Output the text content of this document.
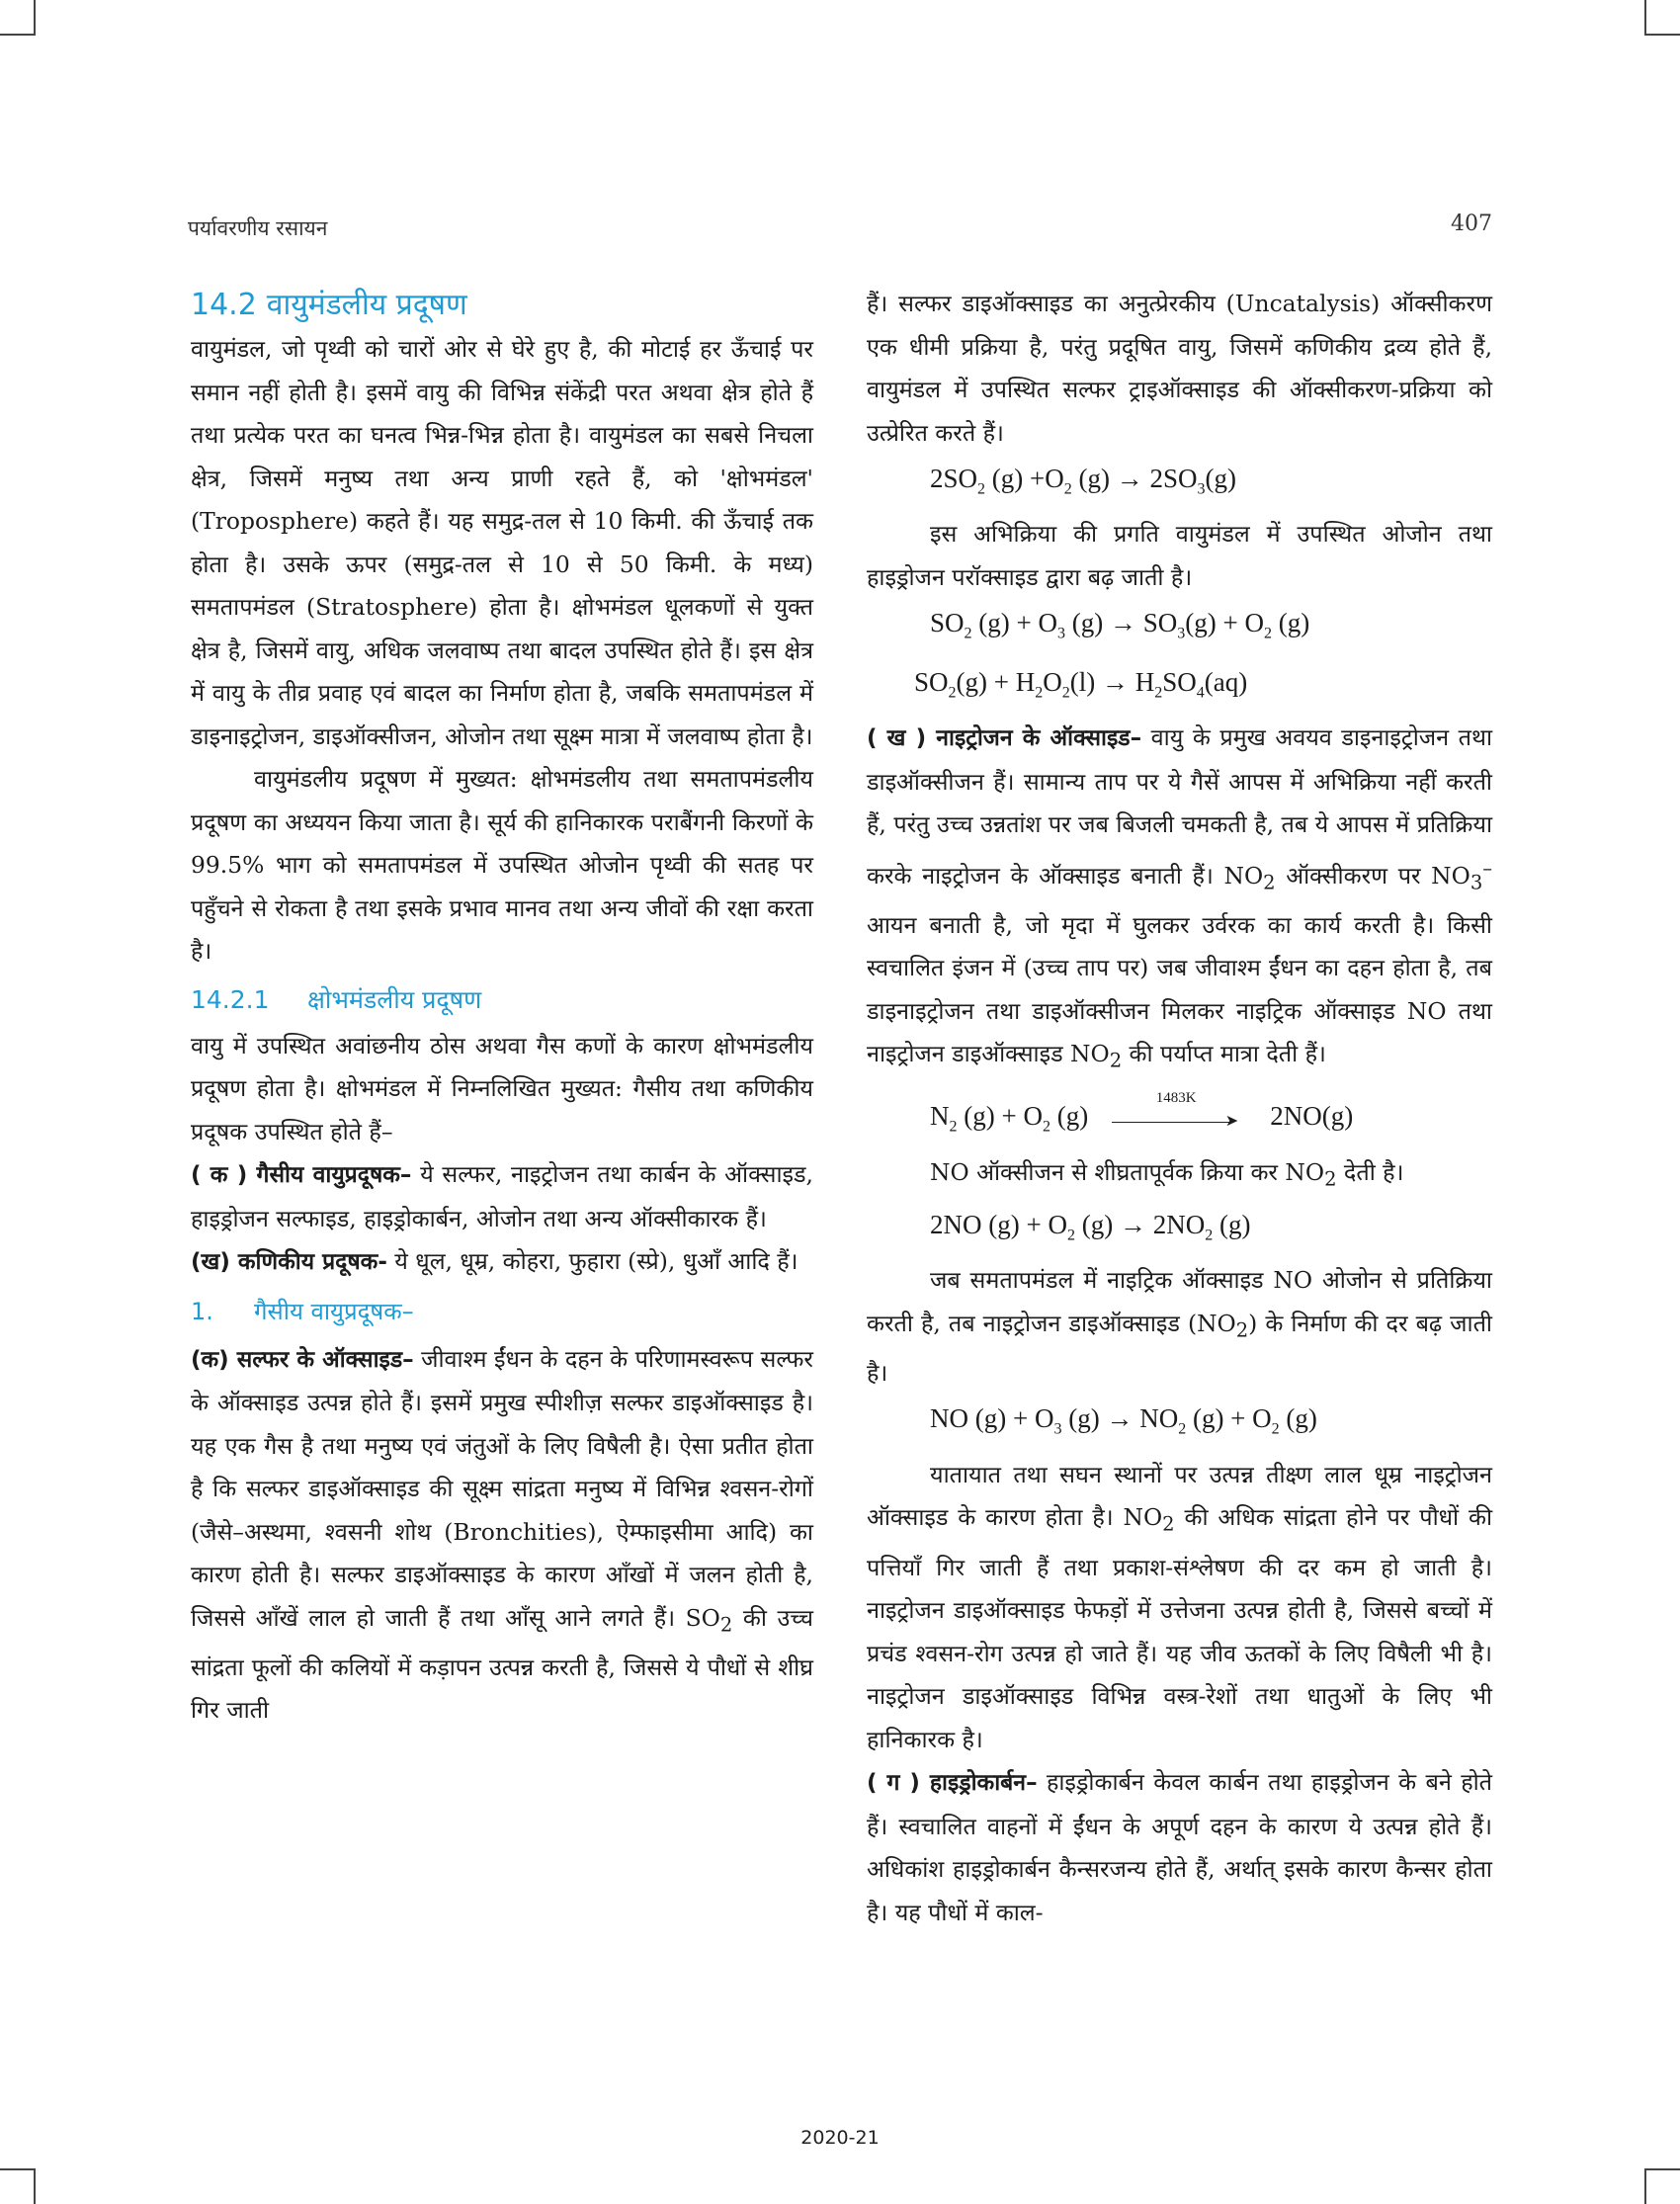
पर्यावरणीय रसायन	407
14.2 वायुमंडलीय प्रदूषण

वायुमंडल, जो पृथ्वी को चारों ओर से घेरे हुए है, की मोटाई हर ऊँचाई पर समान नहीं होती है। इसमें वायु की विभिन्न संकेंद्री परत अथवा क्षेत्र होते हैं तथा प्रत्येक परत का घनत्व भिन्न-भिन्न होता है। वायुमंडल का सबसे निचला क्षेत्र, जिसमें मनुष्य तथा अन्य प्राणी रहते हैं, को 'क्षोभमंडल' (Troposphere) कहते हैं। यह समुद्र-तल से 10 किमी. की ऊँचाई तक होता है। उसके ऊपर (समुद्र-तल से 10 से 50 किमी. के मध्य) समतापमंडल (Stratosphere) होता है। क्षोभमंडल धूलकणों से युक्त क्षेत्र है, जिसमें वायु, अधिक जलवाष्प तथा बादल उपस्थित होते हैं। इस क्षेत्र में वायु के तीव्र प्रवाह एवं बादल का निर्माण होता है, जबकि समतापमंडल में डाइनाइट्रोजन, डाइऑक्सीजन, ओजोन तथा सूक्ष्म मात्रा में जलवाष्प होता है।

वायुमंडलीय प्रदूषण में मुख्यत: क्षोभमंडलीय तथा समतापमंडलीय प्रदूषण का अध्ययन किया जाता है। सूर्य की हानिकारक पराबैंगनी किरणों के 99.5% भाग को समतापमंडल में उपस्थित ओजोन पृथ्वी की सतह पर पहुँचने से रोकता है तथा इसके प्रभाव मानव तथा अन्य जीवों की रक्षा करता है।

14.2.1 क्षोभमंडलीय प्रदूषण

वायु में उपस्थित अवांछनीय ठोस अथवा गैस कणों के कारण क्षोभमंडलीय प्रदूषण होता है। क्षोभमंडल में निम्नलिखित मुख्यत: गैसीय तथा कणिकीय प्रदूषक उपस्थित होते हैं–

( क ) गैसीय वायुप्रदूषक– ये सल्फर, नाइट्रोजन तथा कार्बन के ऑक्साइड, हाइड्रोजन सल्फाइड, हाइड्रोकार्बन, ओजोन तथा अन्य ऑक्सीकारक हैं।

(ख) कणिकीय प्रदूषक- ये धूल, धूम्र, कोहरा, फुहारा (स्प्रे), धुआँ आदि हैं।

1. गैसीय वायुप्रदूषक–

(क) सल्फर के ऑक्साइड– जीवाश्म ईंधन के दहन के परिणामस्वरूप सल्फर के ऑक्साइड उत्पन्न होते हैं। इसमें प्रमुख स्पीशीज़ सल्फर डाइऑक्साइड है। यह एक गैस है तथा मनुष्य एवं जंतुओं के लिए विषैली है। ऐसा प्रतीत होता है कि सल्फर डाइऑक्साइड की सूक्ष्म सांद्रता मनुष्य में विभिन्न श्वसन-रोगों (जैसे–अस्थमा, श्वसनी शोथ (Bronchities), ऐम्फाइसीमा आदि) का कारण होती है। सल्फर डाइऑक्साइड के कारण आँखों में जलन होती है, जिससे आँखें लाल हो जाती हैं तथा आँसू आने लगते हैं। $SO_2$ की उच्च सांद्रता फूलों की कलियों में कड़ापन उत्पन्न करती है, जिससे ये पौधों से शीघ्र गिर जाती

हैं। सल्फर डाइऑक्साइड का अनुत्प्रेरकीय (Uncatalysis) ऑक्सीकरण एक धीमी प्रक्रिया है, परंतु प्रदूषित वायु, जिसमें कणिकीय द्रव्य होते हैं, वायुमंडल में उपस्थित सल्फर ट्राइऑक्साइड की ऑक्सीकरण-प्रक्रिया को उत्प्रेरित करते हैं।

$2SO_2$ $(g) +O_2$ $(g) \to 2SO_3(g)$

इस अभिक्रिया की प्रगति वायुमंडल में उपस्थित ओजोन तथा हाइड्रोजन परॉक्साइड द्वारा बढ़ जाती है।

$SO_2$ $(g) + O_3$ $(g) \to SO_3(g) + O_2$ (g)
$SO_2(g) + H_2O_2(l) \to H_2SO_4(aq)$

( ख ) नाइट्रोजन के ऑक्साइड– वायु के प्रमुख अवयव डाइनाइट्रोजन तथा डाइऑक्सीजन हैं। सामान्य ताप पर ये गैसें आपस में अभिक्रिया नहीं करती हैं, परंतु उच्च उन्नतांश पर जब बिजली चमकती है, तब ये आपस में प्रतिक्रिया करके नाइट्रोजन के ऑक्साइड बनाती हैं। $NO_2$ ऑक्सीकरण पर $NO_3^-$ आयन बनाती है, जो मृदा में घुलकर उर्वरक का कार्य करती है। किसी स्वचालित इंजन में (उच्च ताप पर) जब जीवाश्म ईंधन का दहन होता है, तब डाइनाइट्रोजन तथा डाइऑक्सीजन मिलकर नाइट्रिक ऑक्साइड NO तथा नाइट्रोजन डाइऑक्साइड $NO_2$ की पर्याप्त मात्रा देती हैं।

$N_2$ $(g) + O_2$ (g)
1483K
➤ 2NO(g)

NO ऑक्सीजन से शीघ्रतापूर्वक क्रिया कर $NO_2$ देती है।

2NO $(g) + O_2$ $(g) \to 2NO_2$ (g)

जब समतापमंडल में नाइट्रिक ऑक्साइड NO ओजोन से प्रतिक्रिया करती है, तब नाइट्रोजन डाइऑक्साइड $(NO_2)$ के निर्माण की दर बढ़ जाती है।

NO $(g) + O_3$ $(g) \to NO_2$ $(g) + O_2$ (g)

यातायात तथा सघन स्थानों पर उत्पन्न तीक्ष्ण लाल धूम्र नाइट्रोजन ऑक्साइड के कारण होता है। $NO_2$ की अधिक सांद्रता होने पर पौधों की पत्तियाँ गिर जाती हैं तथा प्रकाश-संश्लेषण की दर कम हो जाती है। नाइट्रोजन डाइऑक्साइड फेफड़ों में उत्तेजना उत्पन्न होती है, जिससे बच्चों में प्रचंड श्वसन-रोग उत्पन्न हो जाते हैं। यह जीव ऊतकों के लिए विषैली भी है। नाइट्रोजन डाइऑक्साइड विभिन्न वस्त्र-रेशों तथा धातुओं के लिए भी हानिकारक है।

( ग ) हाइड्रोकार्बन– हाइड्रोकार्बन केवल कार्बन तथा हाइड्रोजन के बने होते हैं। स्वचालित वाहनों में ईंधन के अपूर्ण दहन के कारण ये उत्पन्न होते हैं। अधिकांश हाइड्रोकार्बन कैन्सरजन्य होते हैं, अर्थात् इसके कारण कैन्सर होता है। यह पौधों में काल-

2020-21
